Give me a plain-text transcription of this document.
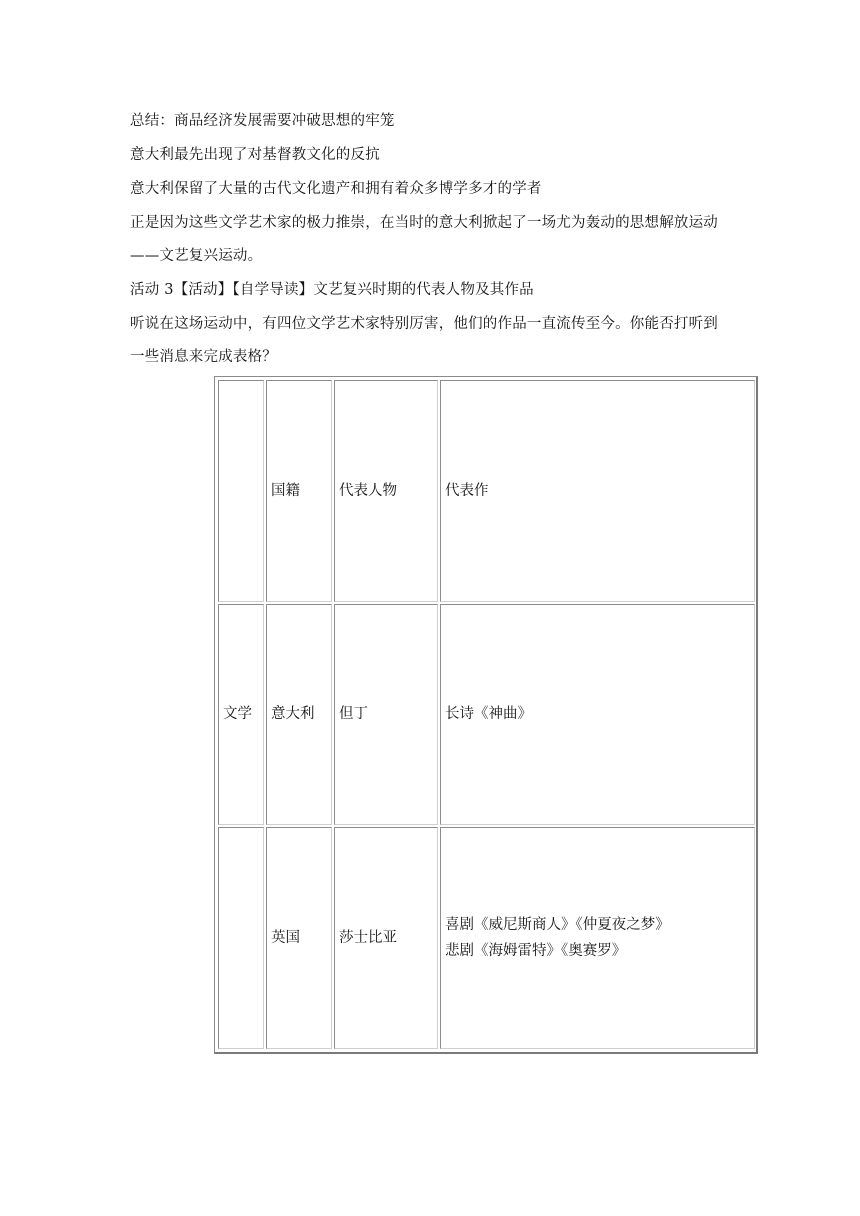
总结：商品经济发展需要冲破思想的牢笼
意大利最先出现了对基督教文化的反抗
意大利保留了大量的古代文化遗产和拥有着众多博学多才的学者
正是因为这些文学艺术家的极力推崇，在当时的意大利掀起了一场尤为轰动的思想解放运动
——文艺复兴运动。
活动 3【活动】【自学导读】文艺复兴时期的代表人物及其作品
听说在这场运动中，有四位文学艺术家特别厉害，他们的作品一直流传至今。你能否打听到
一些消息来完成表格？
	国籍	代表人物	代表作
文学	意大利	但丁	长诗《神曲》

	英国	莎士比亚	喜剧《威尼斯商人》《仲夏夜之梦》
悲剧《海姆雷特》《奥赛罗》
